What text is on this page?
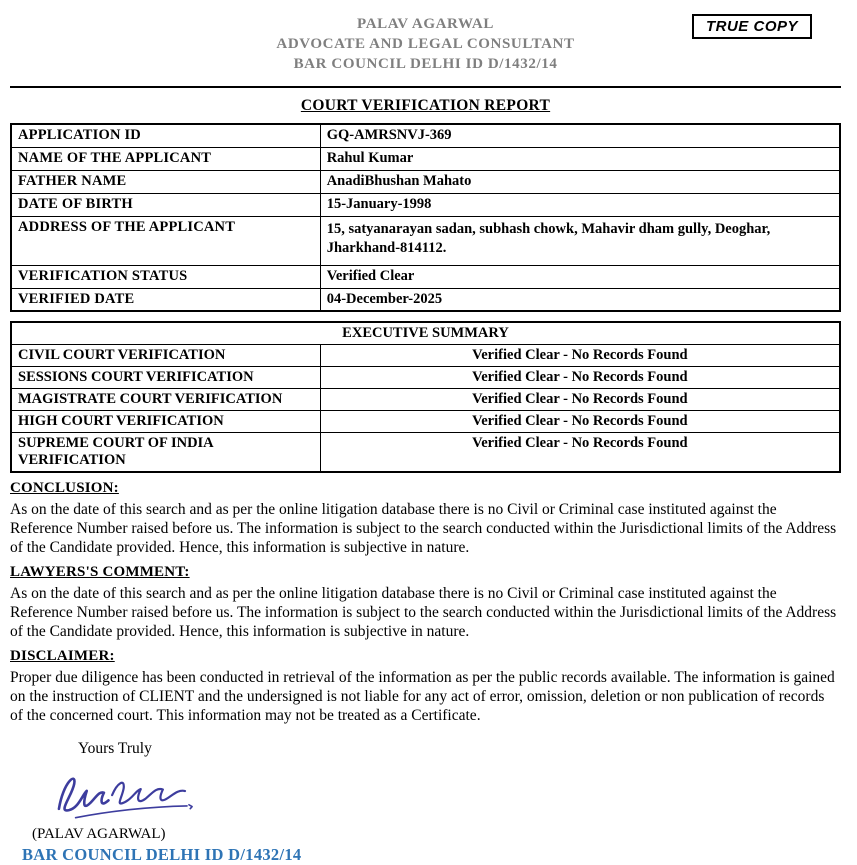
TRUE COPY
PALAV AGARWAL
ADVOCATE AND LEGAL CONSULTANT
BAR COUNCIL DELHI ID D/1432/14
COURT VERIFICATION REPORT
APPLICATION ID	GQ-AMRSNVJ-369
NAME OF THE APPLICANT	Rahul Kumar
FATHER NAME	AnadiBhushan Mahato
DATE OF BIRTH	15-January-1998
ADDRESS OF THE APPLICANT	15, satyanarayan sadan, subhash chowk, Mahavir dham gully, Deoghar, Jharkhand-814112.
VERIFICATION STATUS	Verified Clear
VERIFIED DATE	04-December-2025
EXECUTIVE SUMMARY	
CIVIL COURT VERIFICATION	Verified Clear - No Records Found
SESSIONS COURT VERIFICATION	Verified Clear - No Records Found
MAGISTRATE COURT VERIFICATION	Verified Clear - No Records Found
HIGH COURT VERIFICATION	Verified Clear - No Records Found
SUPREME COURT OF INDIA VERIFICATION	Verified Clear - No Records Found
CONCLUSION:

As on the date of this search and as per the online litigation database there is no Civil or Criminal case instituted against the Reference Number raised before us. The information is subject to the search conducted within the Jurisdictional limits of the Address of the Candidate provided. Hence, this information is subjective in nature.

LAWYERS'S COMMENT:

As on the date of this search and as per the online litigation database there is no Civil or Criminal case instituted against the Reference Number raised before us. The information is subject to the search conducted within the Jurisdictional limits of the Address of the Candidate provided. Hence, this information is subjective in nature.

DISCLAIMER:

Proper due diligence has been conducted in retrieval of the information as per the public records available. The information is gained on the instruction of CLIENT and the undersigned is not liable for any act of error, omission, deletion or non publication of records of the concerned court. This information may not be treated as a Certificate.

Yours Truly
(PALAV AGARWAL)
BAR COUNCIL DELHI ID D/1432/14
